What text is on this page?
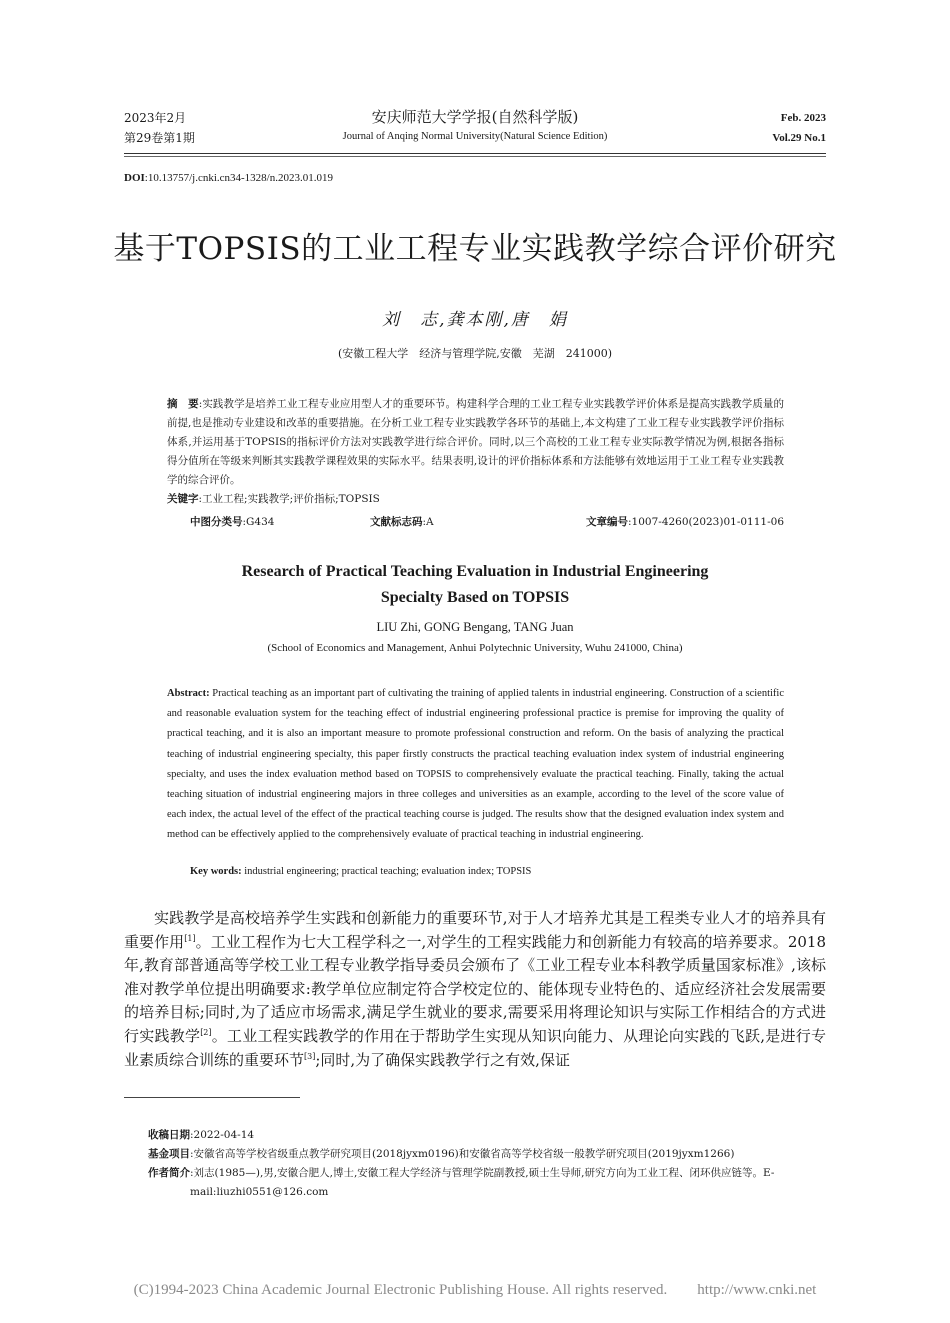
2023年2月
第29卷第1期
安庆师范大学学报(自然科学版)
Journal of Anqing Normal University(Natural Science Edition)
Feb. 2023
Vol.29 No.1
DOI:10.13757/j.cnki.cn34-1328/n.2023.01.019
基于TOPSIS的工业工程专业实践教学综合评价研究
刘　志,龚本刚,唐　娟
(安徽工程大学　经济与管理学院,安徽　芜湖　241000)
摘　要:实践教学是培养工业工程专业应用型人才的重要环节。构建科学合理的工业工程专业实践教学评价体系是提高实践教学质量的前提,也是推动专业建设和改革的重要措施。在分析工业工程专业实践教学各环节的基础上,本文构建了工业工程专业实践教学评价指标体系,并运用基于TOPSIS的指标评价方法对实践教学进行综合评价。同时,以三个高校的工业工程专业实际教学情况为例,根据各指标得分值所在等级来判断其实践教学课程效果的实际水平。结果表明,设计的评价指标体系和方法能够有效地运用于工业工程专业实践教学的综合评价。
关键字:工业工程;实践教学;评价指标;TOPSIS
中图分类号:G434	文献标志码:A	文章编号:1007-4260(2023)01-0111-06
Research of Practical Teaching Evaluation in Industrial Engineering
Specialty Based on TOPSIS
LIU Zhi, GONG Bengang, TANG Juan
(School of Economics and Management, Anhui Polytechnic University, Wuhu 241000, China)
Abstract: Practical teaching as an important part of cultivating the training of applied talents in industrial engineering. Construction of a scientific and reasonable evaluation system for the teaching effect of industrial engineering professional practice is premise for improving the quality of practical teaching, and it is also an important measure to promote professional construction and reform. On the basis of analyzing the practical teaching of industrial engineering specialty, this paper firstly constructs the practical teaching evaluation index system of industrial engineering specialty, and uses the index evaluation method based on TOPSIS to comprehensively evaluate the practical teaching. Finally, taking the actual teaching situation of industrial engineering majors in three colleges and universities as an example, according to the level of the score value of each index, the actual level of the effect of the practical teaching course is judged. The results show that the designed evaluation index system and method can be effectively applied to the comprehensively evaluate of practical teaching in industrial engineering.
Key words: industrial engineering; practical teaching; evaluation index; TOPSIS
实践教学是高校培养学生实践和创新能力的重要环节,对于人才培养尤其是工程类专业人才的培养具有重要作用[1]。工业工程作为七大工程学科之一,对学生的工程实践能力和创新能力有较高的培养要求。2018年,教育部普通高等学校工业工程专业教学指导委员会颁布了《工业工程专业本科教学质量国家标准》,该标准对教学单位提出明确要求:教学单位应制定符合学校定位的、能体现专业特色的、适应经济社会发展需要的培养目标;同时,为了适应市场需求,满足学生就业的要求,需要采用将理论知识与实际工作相结合的方式进行实践教学[2]。工业工程实践教学的作用在于帮助学生实现从知识向能力、从理论向实践的飞跃,是进行专业素质综合训练的重要环节[3];同时,为了确保实践教学行之有效,保证
收稿日期 :2022-04-14
基金项目 :安徽省高等学校省级重点教学研究项目(2018jyxm0196)和安徽省高等学校省级一般教学研究项目(2019jyxm1266)
作者简介 :刘志(1985—),男,安徽合肥人,博士,安徽工程大学经济与管理学院副教授,硕士生导师,研究方向为工业工程、闭环供应链等。E-mail:liuzhi0551@126.com
(C)1994-2023 China Academic Journal Electronic Publishing House. All rights reserved.　　http://www.cnki.net
